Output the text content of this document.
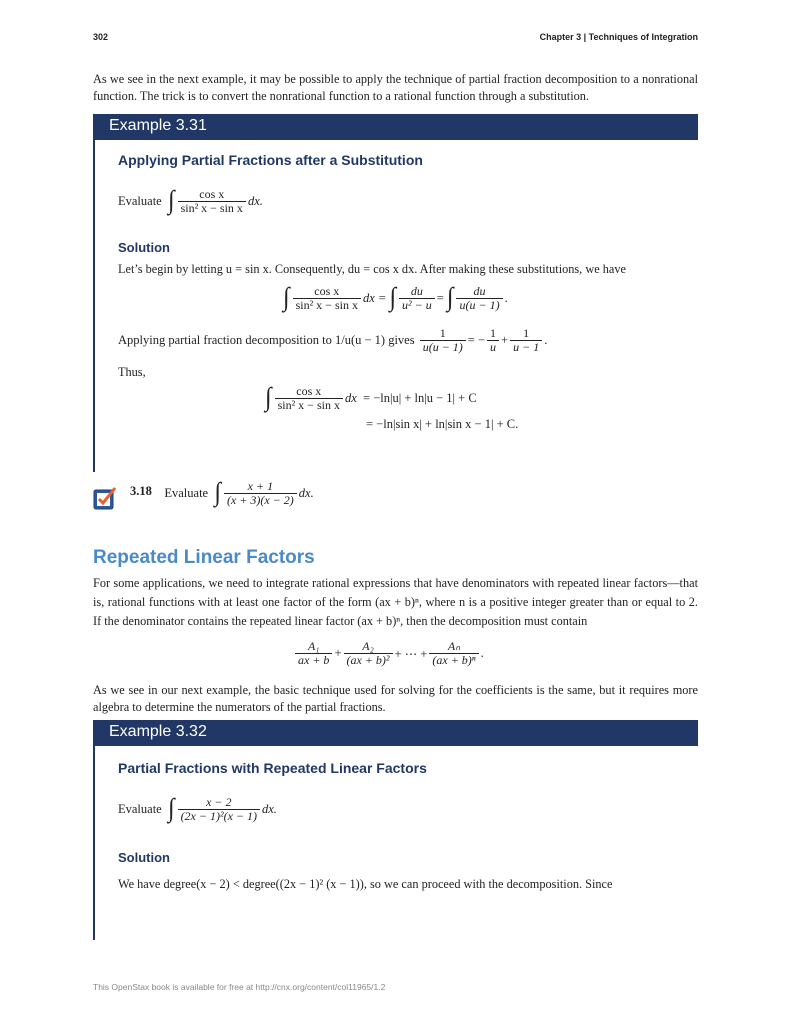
302	Chapter 3 | Techniques of Integration
As we see in the next example, it may be possible to apply the technique of partial fraction decomposition to a nonrational function. The trick is to convert the nonrational function to a rational function through a substitution.
Example 3.31
Applying Partial Fractions after a Substitution
Evaluate
∫ $\frac{\text{cos x}}{\text{sin² x − sin x}}$ dx.
Solution
Let’s begin by letting u = sin x. Consequently, du = cos x dx. After making these substitutions, we have
∫ $\frac{\text{cos x}}{\text{sin² x − sin x}}$ dx =
∫ $\frac{du}{\text{u² − u}}$ =
∫ $\frac{du}{u(u - 1)}$ .
Applying partial fraction decomposition to 1/u(u − 1) gives
$\frac{1}{u(u - 1)}$ = − $\frac{1}{u} + \frac{1}{u - 1}$ .
Thus,
∫ $\frac{\text{cos x}}{\text{sin² x − sin x}}$ dx
= −ln|u| + ln|u − 1| + C
= −ln|sin x| + ln|sin x − 1| + C.
3.18
Evaluate
∫ $\frac{x + 1}{(x + 3)(x - 2)}$ dx.
Repeated Linear Factors
For some applications, we need to integrate rational expressions that have denominators with repeated linear factors—that is, rational functions with at least one factor of the form (ax + b)ⁿ, where n is a positive integer greater than or equal to 2. If the denominator contains the repeated linear factor (ax + b)ⁿ, then the decomposition must contain
$\frac{\text{A₁}}{ax + b} + \frac{\text{A₂}}{\text{(ax + b)²}}$ + ⋯ + $\frac{\text{Aₙ}}{\text{(ax + b)ⁿ}}$ .
As we see in our next example, the basic technique used for solving for the coefficients is the same, but it requires more algebra to determine the numerators of the partial fractions.
Example 3.32
Partial Fractions with Repeated Linear Factors
Evaluate
∫ $\frac{x - 2}{\text{(2x − 1)²(x − 1)}}$ dx.
Solution
We have degree(x − 2) < degree((2x − 1)² (x − 1)), so we can proceed with the decomposition. Since
This OpenStax book is available for free at http://cnx.org/content/col11965/1.2
